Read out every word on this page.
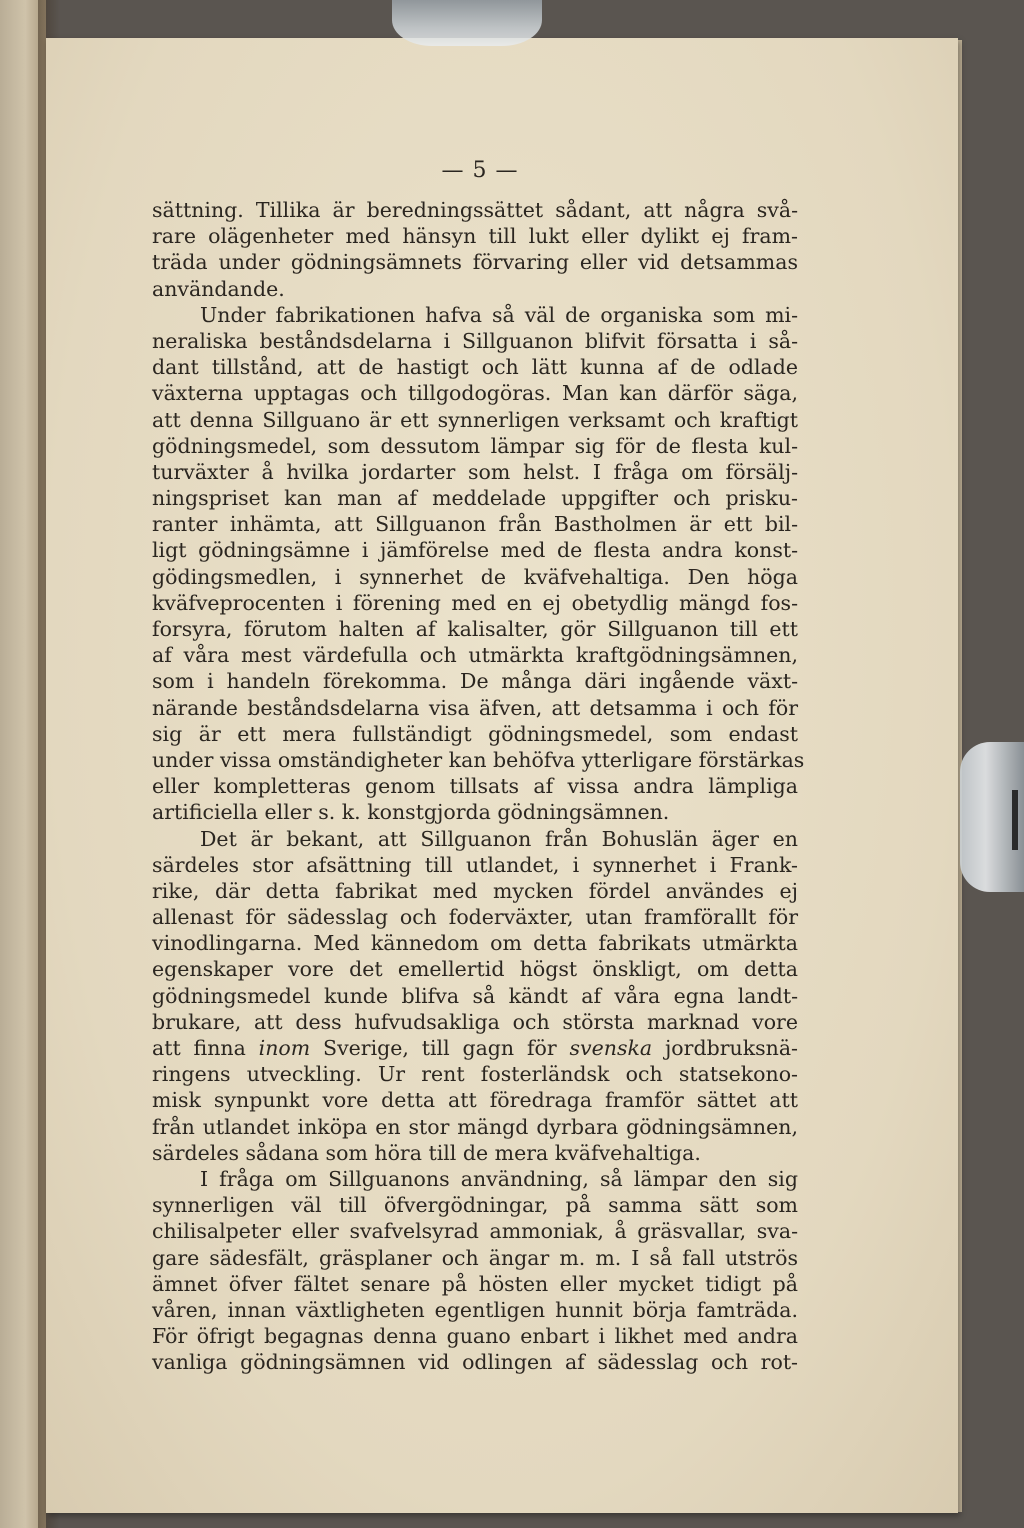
— 5 —
sättning. Tillika är beredningssättet sådant, att några svå-
rare olägenheter med hänsyn till lukt eller dylikt ej fram-
träda under gödningsämnets förvaring eller vid detsammas
användande.
Under fabrikationen hafva så väl de organiska som mi-
neraliska beståndsdelarna i Sillguanon blifvit försatta i så-
dant tillstånd, att de hastigt och lätt kunna af de odlade
växterna upptagas och tillgodogöras. Man kan därför säga,
att denna Sillguano är ett synnerligen verksamt och kraftigt
gödningsmedel, som dessutom lämpar sig för de flesta kul-
turväxter å hvilka jordarter som helst. I fråga om försälj-
ningspriset kan man af meddelade uppgifter och prisku-
ranter inhämta, att Sillguanon från Bastholmen är ett bil-
ligt gödningsämne i jämförelse med de flesta andra konst-
gödingsmedlen, i synnerhet de kväfvehaltiga. Den höga
kväfveprocenten i förening med en ej obetydlig mängd fos-
forsyra, förutom halten af kalisalter, gör Sillguanon till ett
af våra mest värdefulla och utmärkta kraftgödningsämnen,
som i handeln förekomma. De många däri ingående växt-
närande beståndsdelarna visa äfven, att detsamma i och för
sig är ett mera fullständigt gödningsmedel, som endast
under vissa omständigheter kan behöfva ytterligare förstärkas
eller kompletteras genom tillsats af vissa andra lämpliga
artificiella eller s. k. konstgjorda gödningsämnen.
Det är bekant, att Sillguanon från Bohuslän äger en
särdeles stor afsättning till utlandet, i synnerhet i Frank-
rike, där detta fabrikat med mycken fördel användes ej
allenast för sädesslag och foderväxter, utan framförallt för
vinodlingarna. Med kännedom om detta fabrikats utmärkta
egenskaper vore det emellertid högst önskligt, om detta
gödningsmedel kunde blifva så kändt af våra egna landt-
brukare, att dess hufvudsakliga och största marknad vore
att finna inom Sverige, till gagn för svenska jordbruksnä-
ringens utveckling. Ur rent fosterländsk och statsekono-
misk synpunkt vore detta att föredraga framför sättet att
från utlandet inköpa en stor mängd dyrbara gödningsämnen,
särdeles sådana som höra till de mera kväfvehaltiga.
I fråga om Sillguanons användning, så lämpar den sig
synnerligen väl till öfvergödningar, på samma sätt som
chilisalpeter eller svafvelsyrad ammoniak, å gräsvallar, sva-
gare sädesfält, gräsplaner och ängar m. m. I så fall utströs
ämnet öfver fältet senare på hösten eller mycket tidigt på
våren, innan växtligheten egentligen hunnit börja famträda.
För öfrigt begagnas denna guano enbart i likhet med andra
vanliga gödningsämnen vid odlingen af sädesslag och rot-
